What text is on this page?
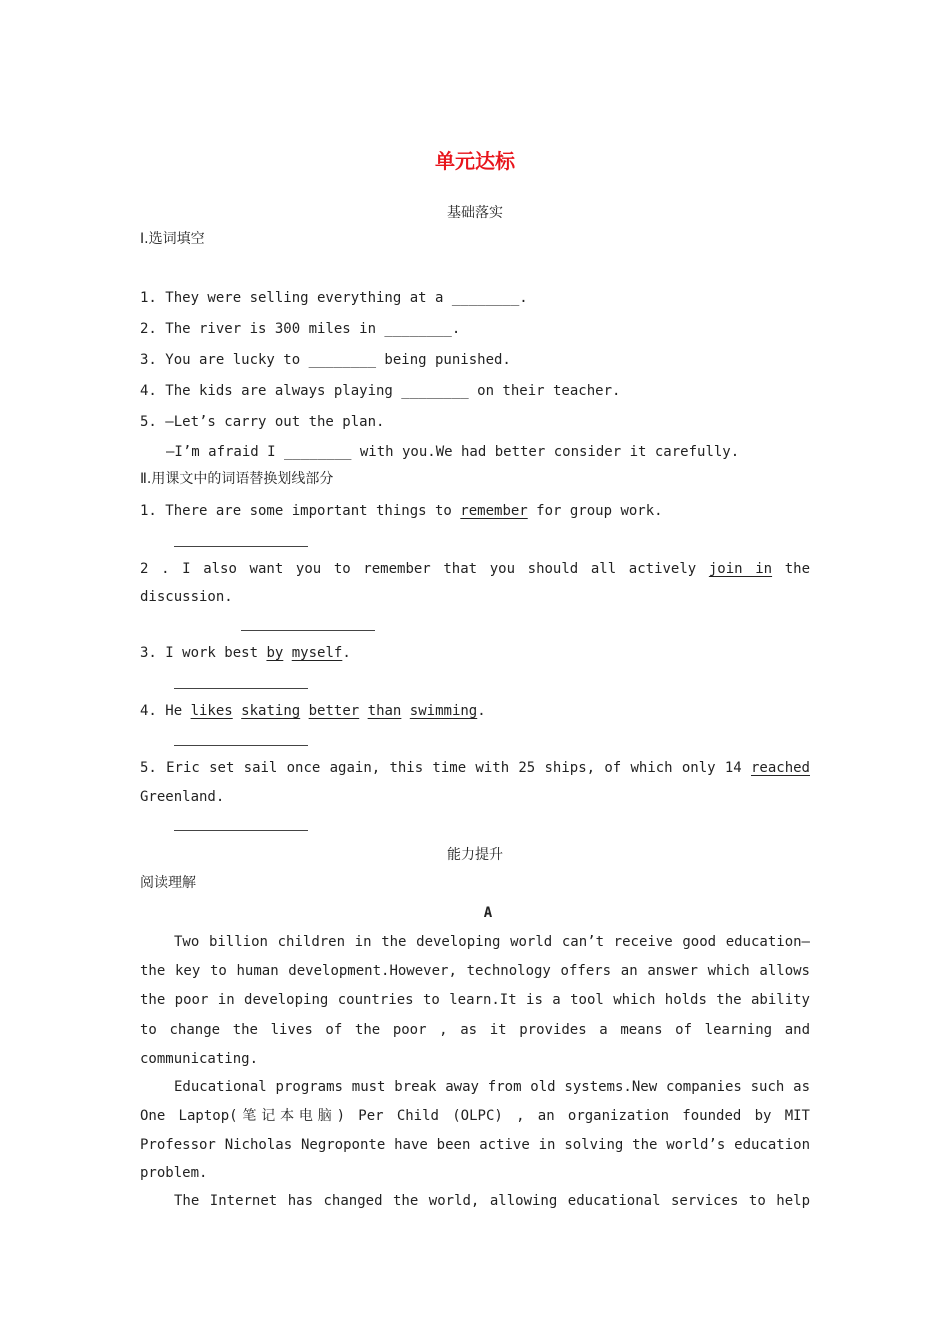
单元达标
基础落实
Ⅰ.选词填空
1. They were selling everything at a ________.
2. The river is 300 miles in ________.
3. You are lucky to ________ being punished.
4. The kids are always playing ________ on their teacher.
5. —Let’s carry out the plan.
—I’m afraid I ________ with you.We had better consider it carefully.
Ⅱ.用课文中的词语替换划线部分
1. There are some important things to remember for group work.
2 . I also want you to remember that you should all actively join in the
discussion.
3. I work best by myself.
4. He likes skating better than swimming.
5. Eric set sail once again, this time with 25 ships, of which only 14 reached
Greenland.
能力提升
阅读理解
A
Two billion children in the developing world can’t receive good education—
the key to human development.However, technology offers an answer which allows
the poor in developing countries to learn.It is a tool which holds the ability
to change the lives of the poor , as it provides a means of learning and
communicating.
Educational programs must break away from old systems.New companies such as
One Laptop(笔记本电脑) Per Child (OLPC) , an organization founded by MIT
Professor Nicholas Negroponte have been active in solving the world’s education
problem.
The Internet has changed the world, allowing educational services to help
